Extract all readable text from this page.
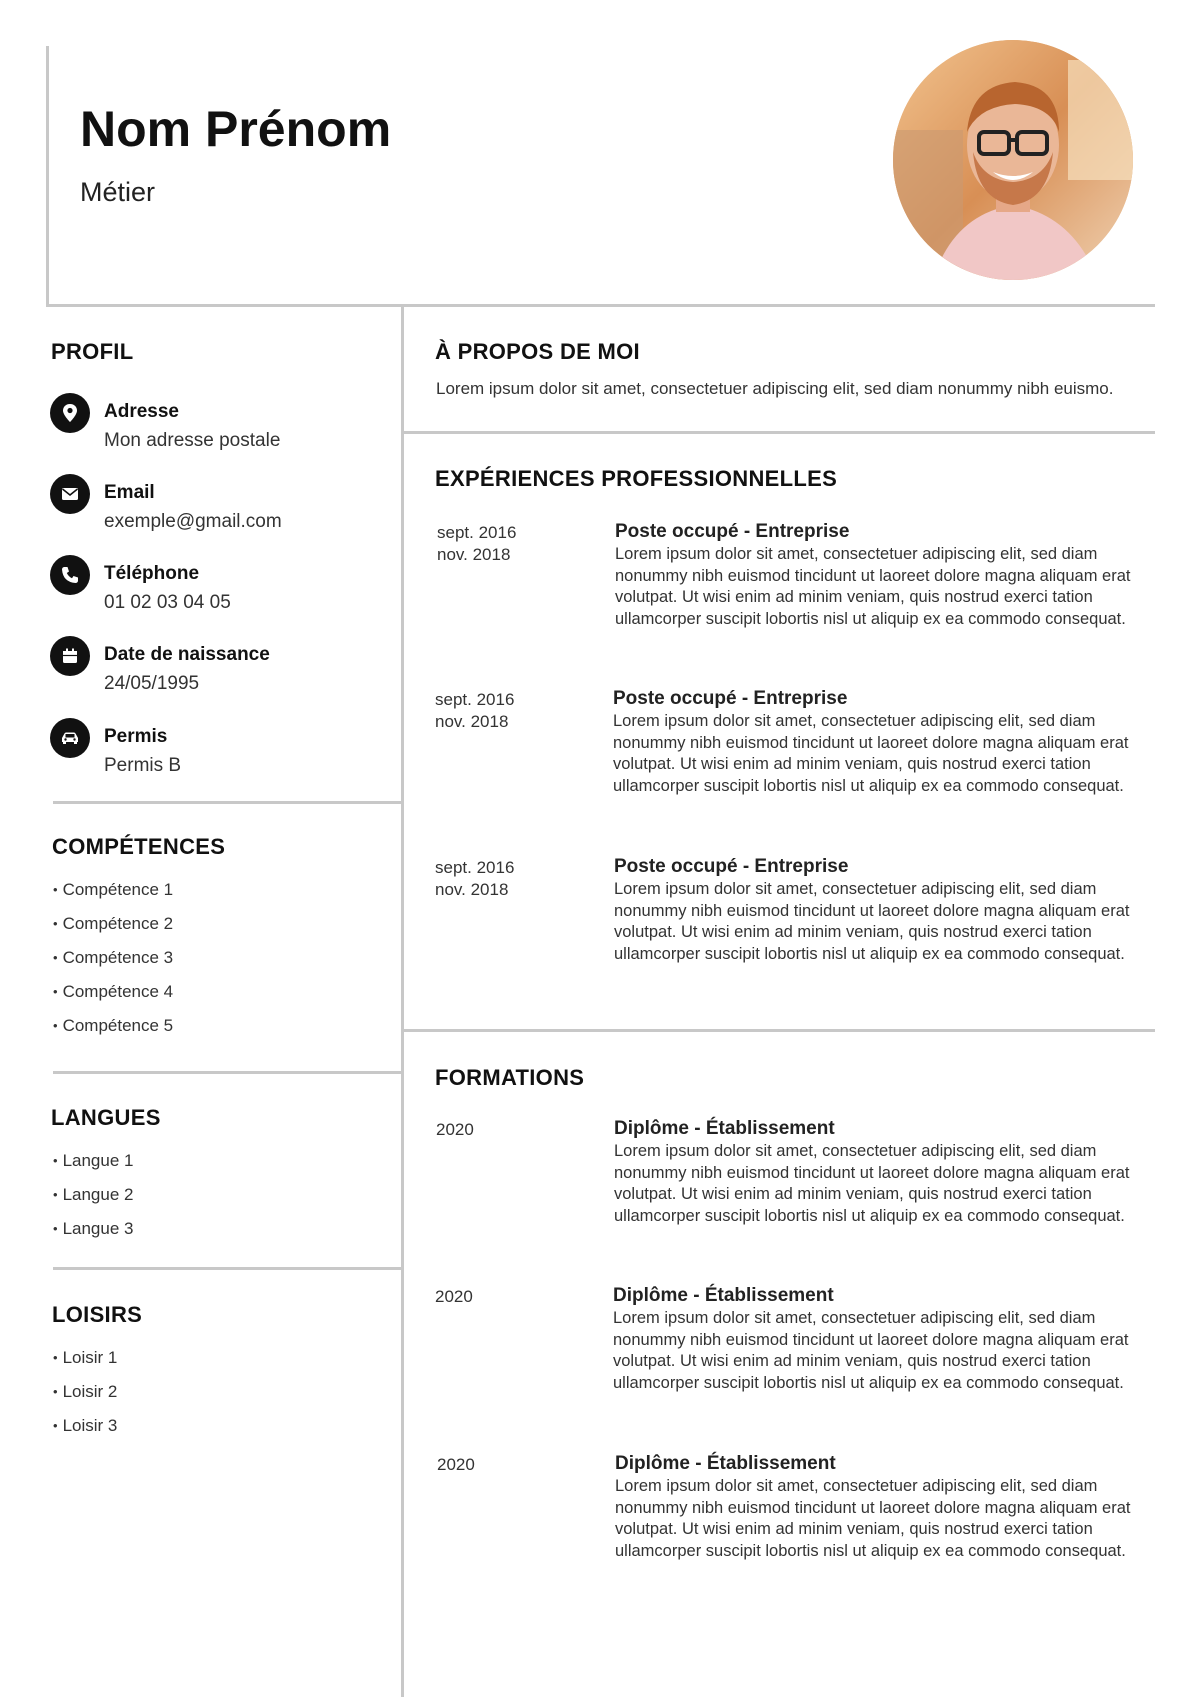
Nom Prénom
Métier
PROFIL
Adresse
Mon adresse postale
Email
exemple@gmail.com
Téléphone
01 02 03 04 05
Date de naissance
24/05/1995
Permis
Permis B
COMPÉTENCES
• Compétence 1
• Compétence 2
• Compétence 3
• Compétence 4
• Compétence 5
LANGUES
• Langue 1
• Langue 2
• Langue 3
LOISIRS
• Loisir 1
• Loisir 2
• Loisir 3
À PROPOS DE MOI
Lorem ipsum dolor sit amet, consectetuer adipiscing elit, sed diam nonummy nibh euismo.
EXPÉRIENCES PROFESSIONNELLES
sept. 2016
nov. 2018
Poste occupé - Entreprise
Lorem ipsum dolor sit amet, consectetuer adipiscing elit, sed diam nonummy nibh euismod tincidunt ut laoreet dolore magna aliquam erat volutpat. Ut wisi enim ad minim veniam, quis nostrud exerci tation ullamcorper suscipit lobortis nisl ut aliquip ex ea commodo consequat.
sept. 2016
nov. 2018
Poste occupé - Entreprise
Lorem ipsum dolor sit amet, consectetuer adipiscing elit, sed diam nonummy nibh euismod tincidunt ut laoreet dolore magna aliquam erat volutpat. Ut wisi enim ad minim veniam, quis nostrud exerci tation ullamcorper suscipit lobortis nisl ut aliquip ex ea commodo consequat.
sept. 2016
nov. 2018
Poste occupé - Entreprise
Lorem ipsum dolor sit amet, consectetuer adipiscing elit, sed diam nonummy nibh euismod tincidunt ut laoreet dolore magna aliquam erat volutpat. Ut wisi enim ad minim veniam, quis nostrud exerci tation ullamcorper suscipit lobortis nisl ut aliquip ex ea commodo consequat.
FORMATIONS
2020	Diplôme - Établissement
Lorem ipsum dolor sit amet, consectetuer adipiscing elit, sed diam nonummy nibh euismod tincidunt ut laoreet dolore magna aliquam erat volutpat. Ut wisi enim ad minim veniam, quis nostrud exerci tation ullamcorper suscipit lobortis nisl ut aliquip ex ea commodo consequat.
2020	Diplôme - Établissement
Lorem ipsum dolor sit amet, consectetuer adipiscing elit, sed diam nonummy nibh euismod tincidunt ut laoreet dolore magna aliquam erat volutpat. Ut wisi enim ad minim veniam, quis nostrud exerci tation ullamcorper suscipit lobortis nisl ut aliquip ex ea commodo consequat.
2020	Diplôme - Établissement
Lorem ipsum dolor sit amet, consectetuer adipiscing elit, sed diam nonummy nibh euismod tincidunt ut laoreet dolore magna aliquam erat volutpat. Ut wisi enim ad minim veniam, quis nostrud exerci tation ullamcorper suscipit lobortis nisl ut aliquip ex ea commodo consequat.
